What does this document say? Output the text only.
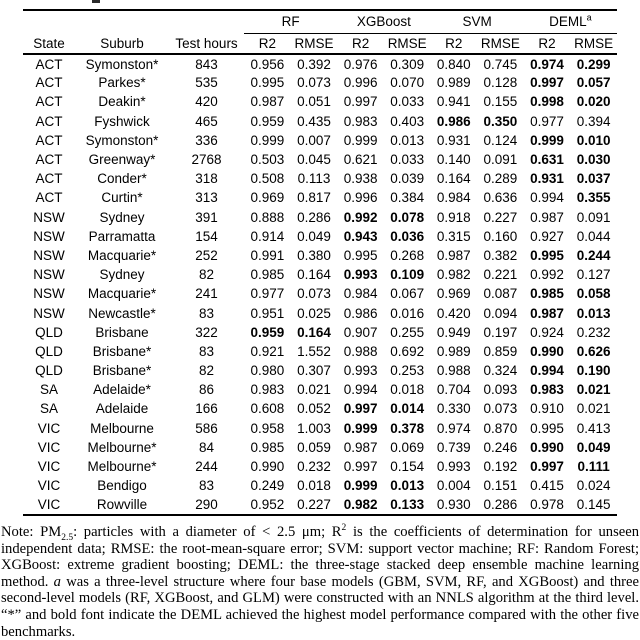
			RF		XGBoost		SVM		DEML$^a$
State	Suburb	Test hours	R2	RMSE	R2	RMSE	R2	RMSE	R2	RMSE
ACT	Symonston*	843	0.956	0.392	0.976	0.309	0.840	0.745	0.974	0.299
ACT	Parkes*	535	0.995	0.073	0.996	0.070	0.989	0.128	0.997	0.057
ACT	Deakin*	420	0.987	0.051	0.997	0.033	0.941	0.155	0.998	0.020
ACT	Fyshwick	465	0.959	0.435	0.983	0.403	0.986	0.350	0.977	0.394
ACT	Symonston*	336	0.999	0.007	0.999	0.013	0.931	0.124	0.999	0.010
ACT	Greenway*	2768	0.503	0.045	0.621	0.033	0.140	0.091	0.631	0.030
ACT	Conder*	318	0.508	0.113	0.938	0.039	0.164	0.289	0.931	0.037
ACT	Curtin*	313	0.969	0.817	0.996	0.384	0.984	0.636	0.994	0.355
NSW	Sydney	391	0.888	0.286	0.992	0.078	0.918	0.227	0.987	0.091
NSW	Parramatta	154	0.914	0.049	0.943	0.036	0.315	0.160	0.927	0.044
NSW	Macquarie*	252	0.991	0.380	0.995	0.268	0.987	0.382	0.995	0.244
NSW	Sydney	82	0.985	0.164	0.993	0.109	0.982	0.221	0.992	0.127
NSW	Macquarie*	241	0.977	0.073	0.984	0.067	0.969	0.087	0.985	0.058
NSW	Newcastle*	83	0.951	0.025	0.986	0.016	0.420	0.094	0.987	0.013
QLD	Brisbane	322	0.959	0.164	0.907	0.255	0.949	0.197	0.924	0.232
QLD	Brisbane*	83	0.921	1.552	0.988	0.692	0.989	0.859	0.990	0.626
QLD	Brisbane*	82	0.980	0.307	0.993	0.253	0.988	0.324	0.994	0.190
SA	Adelaide*	86	0.983	0.021	0.994	0.018	0.704	0.093	0.983	0.021
SA	Adelaide	166	0.608	0.052	0.997	0.014	0.330	0.073	0.910	0.021
VIC	Melbourne	586	0.958	1.003	0.999	0.378	0.974	0.870	0.995	0.413
VIC	Melbourne*	84	0.985	0.059	0.987	0.069	0.739	0.246	0.990	0.049
VIC	Melbourne*	244	0.990	0.232	0.997	0.154	0.993	0.192	0.997	0.111
VIC	Bendigo	83	0.249	0.018	0.999	0.013	0.004	0.151	0.415	0.024
VIC	Rowville	290	0.952	0.227	0.982	0.133	0.930	0.286	0.978	0.145
Note: $PM_{2.5}$: particles with a diameter of < 2.5 μm; $R^2$ is the coefficients of determination for unseen independent data; RMSE: the root-mean-square error; SVM: support vector machine; RF: Random Forest; XGBoost: extreme gradient boosting; DEML: the three-stage stacked deep ensemble machine learning method. a was a three-level structure where four base models (GBM, SVM, RF, and XGBoost) and three second-level models (RF, XGBoost, and GLM) were constructed with an NNLS algorithm at the third level. “*” and bold font indicate the DEML achieved the highest model performance compared with the other five benchmarks.
